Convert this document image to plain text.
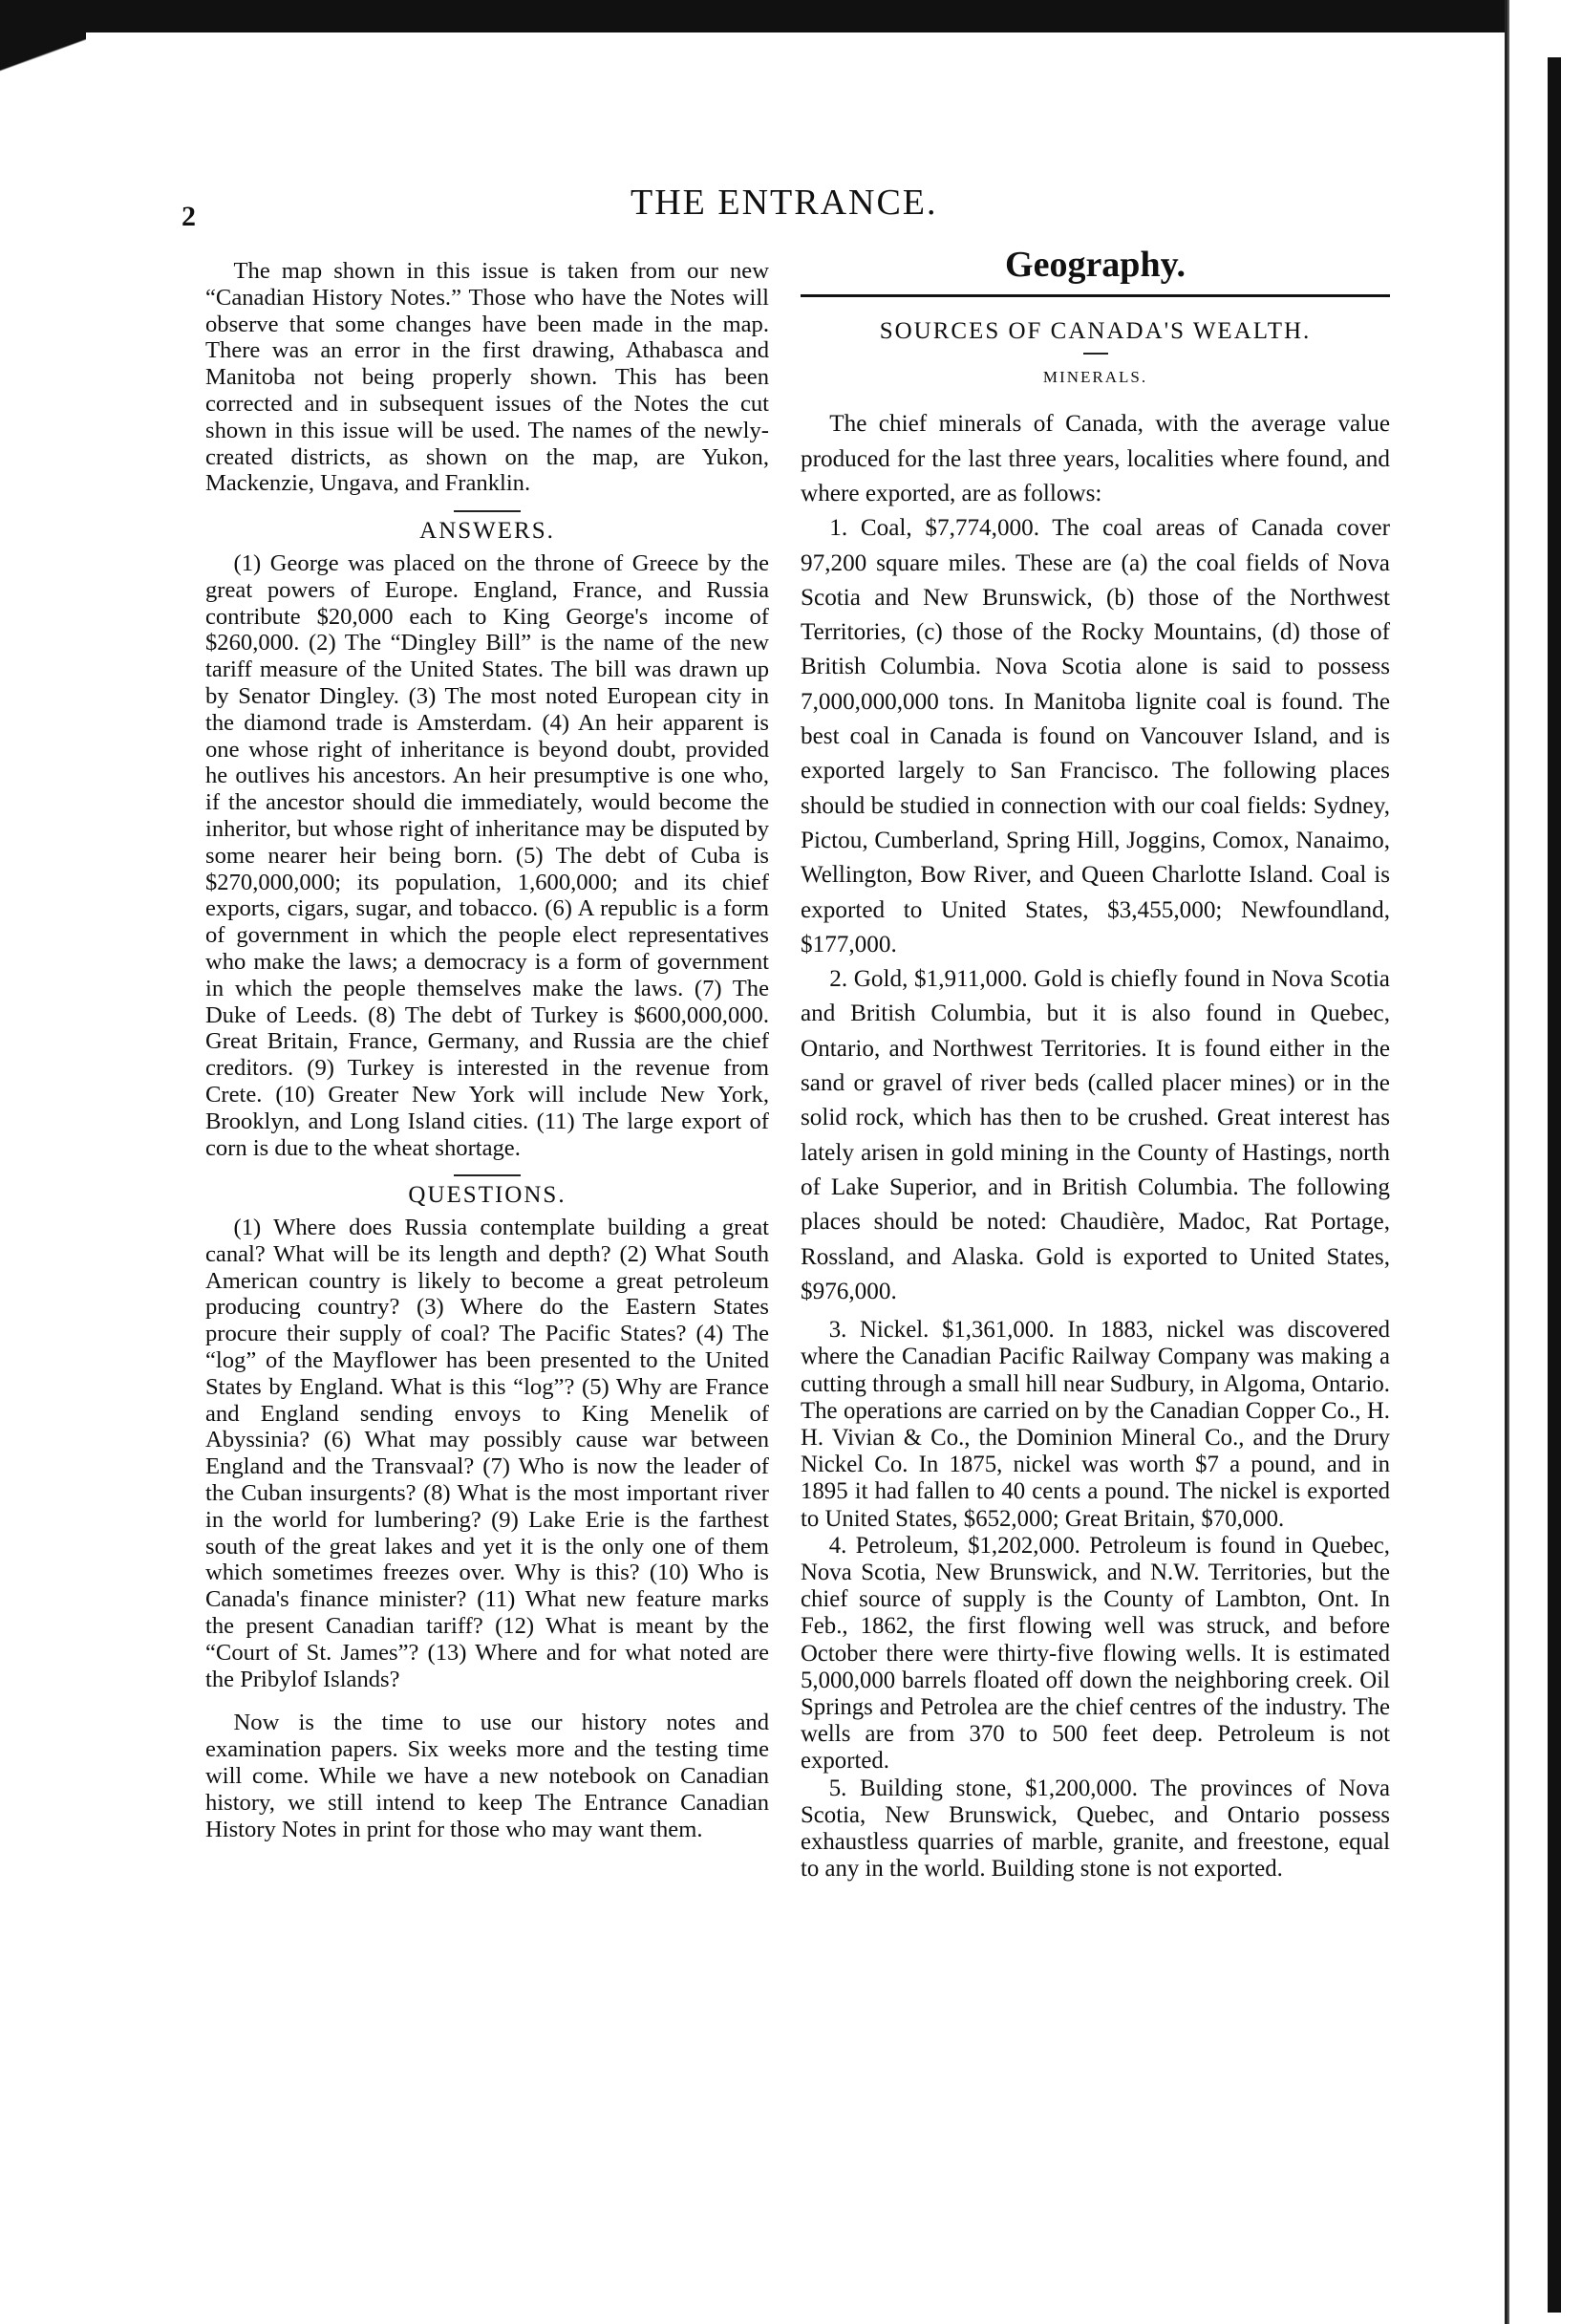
2	THE ENTRANCE.

The map shown in this issue is taken from our new “Canadian History Notes.” Those who have the Notes will observe that some changes have been made in the map. There was an error in the first drawing, Athabasca and Manitoba not being properly shown. This has been corrected and in subsequent issues of the Notes the cut shown in this issue will be used. The names of the newly-created districts, as shown on the map, are Yukon, Mackenzie, Ungava, and Franklin.

ANSWERS.

(1) George was placed on the throne of Greece by the great powers of Europe. England, France, and Russia contribute $20,000 each to King George's income of $260,000. (2) The “Dingley Bill” is the name of the new tariff measure of the United States. The bill was drawn up by Senator Dingley. (3) The most noted European city in the diamond trade is Amsterdam. (4) An heir apparent is one whose right of inheritance is beyond doubt, provided he outlives his ancestors. An heir presumptive is one who, if the ancestor should die immediately, would become the inheritor, but whose right of inheritance may be disputed by some nearer heir being born. (5) The debt of Cuba is $270,000,000; its population, 1,600,000; and its chief exports, cigars, sugar, and tobacco. (6) A republic is a form of government in which the people elect representatives who make the laws; a democracy is a form of government in which the people themselves make the laws. (7) The Duke of Leeds. (8) The debt of Turkey is $600,000,000. Great Britain, France, Germany, and Russia are the chief creditors. (9) Turkey is interested in the revenue from Crete. (10) Greater New York will include New York, Brooklyn, and Long Island cities. (11) The large export of corn is due to the wheat shortage.

QUESTIONS.

(1) Where does Russia contemplate building a great canal? What will be its length and depth? (2) What South American country is likely to become a great petroleum producing country? (3) Where do the Eastern States procure their supply of coal? The Pacific States? (4) The “log” of the Mayflower has been presented to the United States by England. What is this “log”? (5) Why are France and England sending envoys to King Menelik of Abyssinia? (6) What may possibly cause war between England and the Transvaal? (7) Who is now the leader of the Cuban insurgents? (8) What is the most important river in the world for lumbering? (9) Lake Erie is the farthest south of the great lakes and yet it is the only one of them which sometimes freezes over. Why is this? (10) Who is Canada's finance minister? (11) What new feature marks the present Canadian tariff? (12) What is meant by the “Court of St. James”? (13) Where and for what noted are the Pribylof Islands?

Now is the time to use our history notes and examination papers. Six weeks more and the testing time will come. While we have a new notebook on Canadian history, we still intend to keep The Entrance Canadian History Notes in print for those who may want them.

Geography.
SOURCES OF CANADA'S WEALTH.
MINERALS.

The chief minerals of Canada, with the average value produced for the last three years, localities where found, and where exported, are as follows:

1. Coal, $7,774,000. The coal areas of Canada cover 97,200 square miles. These are (a) the coal fields of Nova Scotia and New Brunswick, (b) those of the Northwest Territories, (c) those of the Rocky Mountains, (d) those of British Columbia. Nova Scotia alone is said to possess 7,000,000,000 tons. In Manitoba lignite coal is found. The best coal in Canada is found on Vancouver Island, and is exported largely to San Francisco. The following places should be studied in connection with our coal fields: Sydney, Pictou, Cumberland, Spring Hill, Joggins, Comox, Nanaimo, Wellington, Bow River, and Queen Charlotte Island. Coal is exported to United States, $3,455,000; Newfoundland, $177,000.

2. Gold, $1,911,000. Gold is chiefly found in Nova Scotia and British Columbia, but it is also found in Quebec, Ontario, and Northwest Territories. It is found either in the sand or gravel of river beds (called placer mines) or in the solid rock, which has then to be crushed. Great interest has lately arisen in gold mining in the County of Hastings, north of Lake Superior, and in British Columbia. The following places should be noted: Chaudière, Madoc, Rat Portage, Rossland, and Alaska. Gold is exported to United States, $976,000.

3. Nickel. $1,361,000. In 1883, nickel was discovered where the Canadian Pacific Railway Company was making a cutting through a small hill near Sudbury, in Algoma, Ontario. The operations are carried on by the Canadian Copper Co., H. H. Vivian & Co., the Dominion Mineral Co., and the Drury Nickel Co. In 1875, nickel was worth $7 a pound, and in 1895 it had fallen to 40 cents a pound. The nickel is exported to United States, $652,000; Great Britain, $70,000.

4. Petroleum, $1,202,000. Petroleum is found in Quebec, Nova Scotia, New Brunswick, and N.W. Territories, but the chief source of supply is the County of Lambton, Ont. In Feb., 1862, the first flowing well was struck, and before October there were thirty-five flowing wells. It is estimated 5,000,000 barrels floated off down the neighboring creek. Oil Springs and Petrolea are the chief centres of the industry. The wells are from 370 to 500 feet deep. Petroleum is not exported.

5. Building stone, $1,200,000. The provinces of Nova Scotia, New Brunswick, Quebec, and Ontario possess exhaustless quarries of marble, granite, and freestone, equal to any in the world. Building stone is not exported.
